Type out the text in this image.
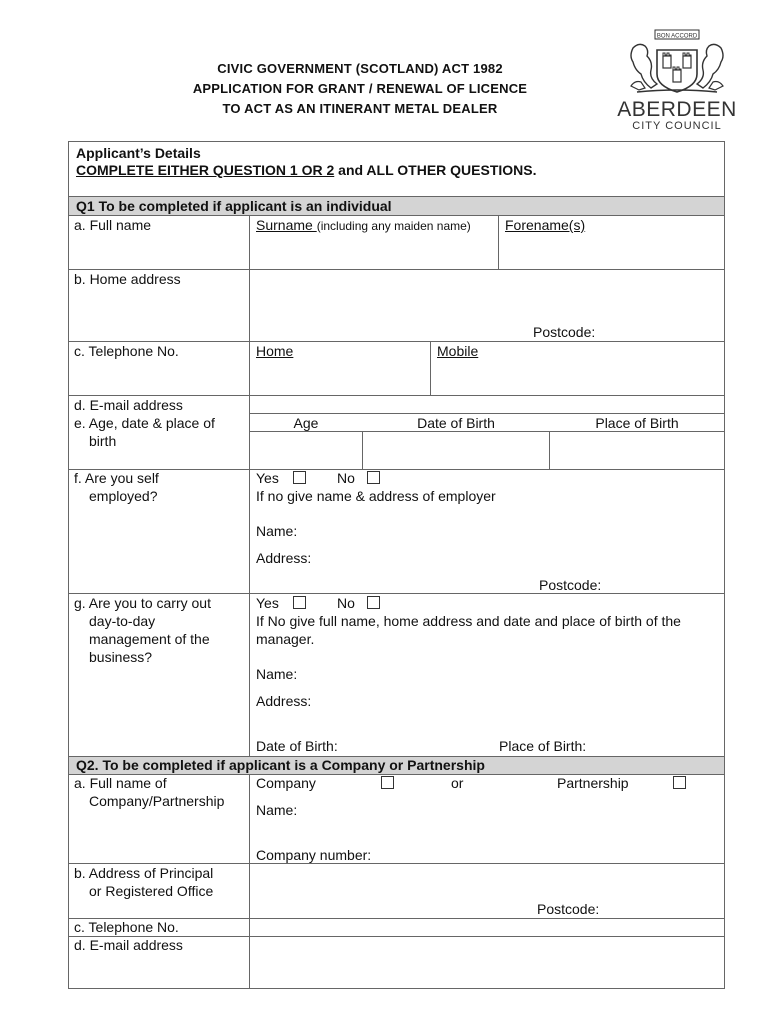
CIVIC GOVERNMENT (SCOTLAND) ACT 1982
APPLICATION FOR GRANT / RENEWAL OF LICENCE
TO ACT AS AN ITINERANT METAL DEALER
BON ACCORD
ABERDEEN
CITY COUNCIL
Applicant’s Details
COMPLETE EITHER QUESTION 1 OR 2 and ALL OTHER QUESTIONS.
Q1 To be completed if applicant is an individual
Q2. To be completed if applicant is a Company or Partnership
a. Full name	Surname (including any maiden name) Forename(s)
b. Home address
Postcode:
c. Telephone No.	Home	Mobile
d. E-mail address
e. Age, date & place of
birth
Age	Date of Birth	Place of Birth
f. Are you self
employed?
Yes	No
If no give name & address of employer
Name:
Address:
Postcode:
g. Are you to carry out
day-to-day
management of the
business?
Yes	No
If No give full name, home address and date and place of birth of the
manager.
Name:
Address:
Date of Birth:	Place of Birth:
a. Full name of
Company/Partnership
Company	or	Partnership
Name:
Company number:
b. Address of Principal
or Registered Office
Postcode:
c. Telephone No.
d. E-mail address
